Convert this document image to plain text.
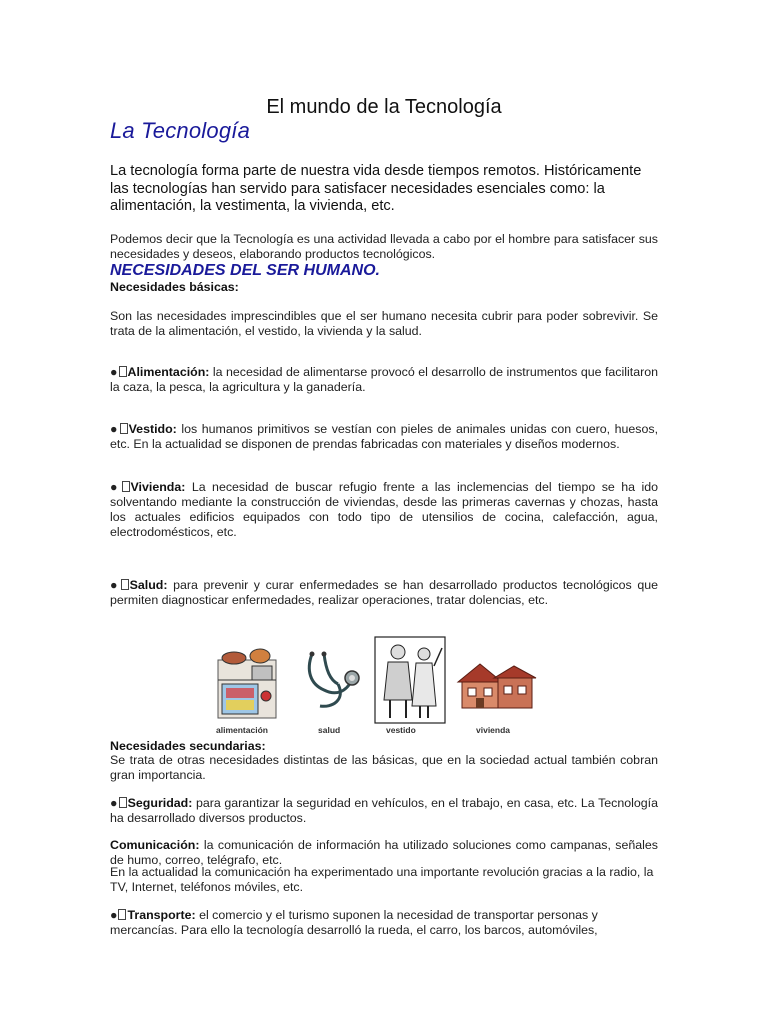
El mundo de la Tecnología
La Tecnología
La tecnología forma parte de nuestra vida desde tiempos remotos. Históricamente las tecnologías han servido para satisfacer necesidades esenciales como: la alimentación, la vestimenta, la vivienda, etc.
Podemos decir que la Tecnología es una actividad llevada a cabo por el hombre para satisfacer sus necesidades y deseos, elaborando productos tecnológicos.
NECESIDADES DEL SER HUMANO.
Necesidades básicas:
Son las necesidades imprescindibles que el ser humano necesita cubrir para poder sobrevivir. Se trata de la alimentación, el vestido, la vivienda y la salud.
● Alimentación: la necesidad de alimentarse provocó el desarrollo de instrumentos que facilitaron la caza, la pesca, la agricultura y la ganadería.
● Vestido: los humanos primitivos se vestían con pieles de animales unidas con cuero, huesos, etc. En la actualidad se disponen de prendas fabricadas con materiales y diseños modernos.
● Vivienda: La necesidad de buscar refugio frente a las inclemencias del tiempo se ha ido solventando mediante la construcción de viviendas, desde las primeras cavernas y chozas, hasta los actuales edificios equipados con todo tipo de utensilios de cocina, calefacción, agua, electrodomésticos, etc.
● Salud: para prevenir y curar enfermedades se han desarrollado productos tecnológicos que permiten diagnosticar enfermedades, realizar operaciones, tratar dolencias, etc.
alimentación	salud	vestido	vivienda
Necesidades secundarias:
Se trata de otras necesidades distintas de las básicas, que en la sociedad actual también cobran gran importancia.
● Seguridad: para garantizar la seguridad en vehículos, en el trabajo, en casa, etc. La Tecnología ha desarrollado diversos productos.
Comunicación: la comunicación de información ha utilizado soluciones como campanas, señales de humo, correo, telégrafo, etc.
En la actualidad la comunicación ha experimentado una importante revolución gracias a la radio, la TV, Internet, teléfonos móviles, etc.
● Transporte: el comercio y el turismo suponen la necesidad de transportar personas y mercancías. Para ello la tecnología desarrolló la rueda, el carro, los barcos, automóviles,
